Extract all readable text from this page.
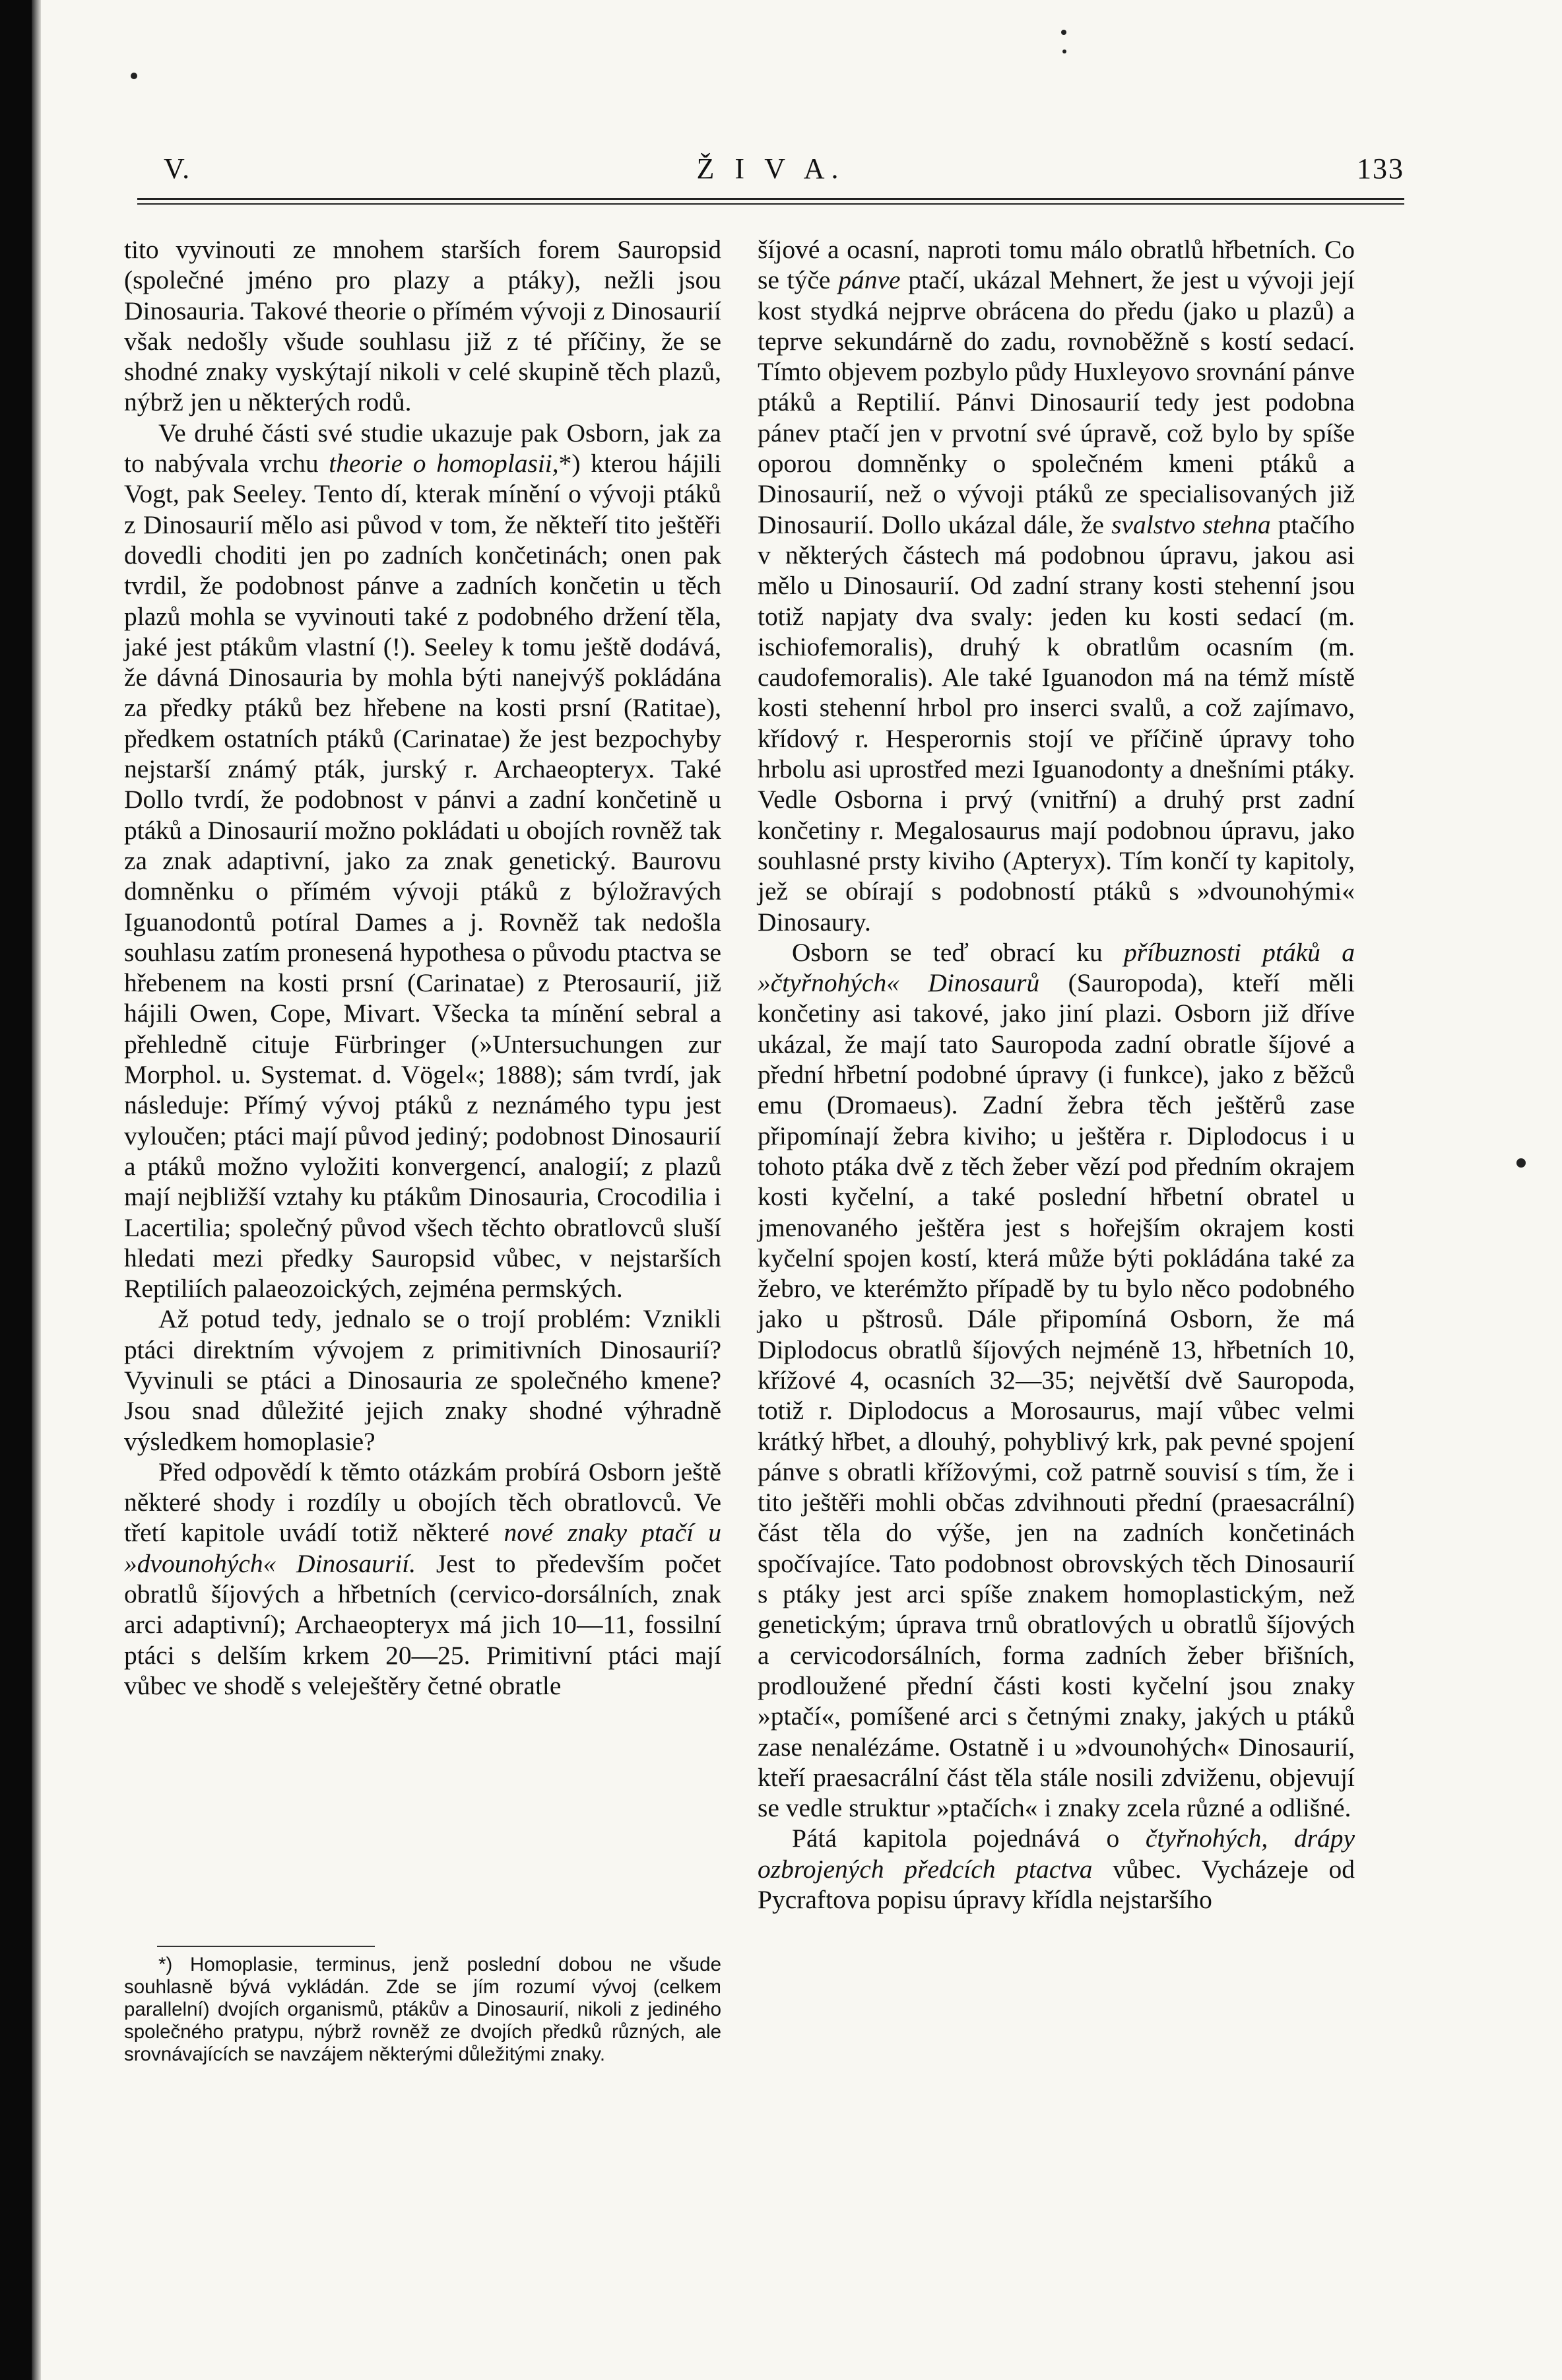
V.	Ž I V A.	133

tito vyvinouti ze mnohem starších forem Sauropsid (společné jméno pro plazy a ptáky), nežli jsou Dinosauria. Takové theorie o přímém vývoji z Dinosaurií však nedošly všude souhlasu již z té příčiny, že se shodné znaky vyskýtají nikoli v celé skupině těch plazů, nýbrž jen u některých rodů.

Ve druhé části své studie ukazuje pak Osborn, jak za to nabývala vrchu theorie o homoplasii,*) kterou hájili Vogt, pak Seeley. Tento dí, kterak mínění o vývoji ptáků z Dinosaurií mělo asi původ v tom, že někteří tito ještěři dovedli choditi jen po zadních končetinách; onen pak tvrdil, že podobnost pánve a zadních končetin u těch plazů mohla se vyvinouti také z podobného držení těla, jaké jest ptákům vlastní (!). Seeley k tomu ještě dodává, že dávná Dinosauria by mohla býti nanejvýš pokládána za předky ptáků bez hřebene na kosti prsní (Ratitae), předkem ostatních ptáků (Carinatae) že jest bezpochyby nejstarší známý pták, jurský r. Archaeopteryx. Také Dollo tvrdí, že podobnost v pánvi a zadní končetině u ptáků a Dinosaurií možno pokládati u obojích rovněž tak za znak adaptivní, jako za znak genetický. Baurovu domněnku o přímém vývoji ptáků z býložravých Iguanodontů potíral Dames a j. Rovněž tak nedošla souhlasu zatím pronesená hypothesa o původu ptactva se hřebenem na kosti prsní (Carinatae) z Pterosaurií, již hájili Owen, Cope, Mivart. Všecka ta mínění sebral a přehledně cituje Fürbringer (»Untersuchungen zur Morphol. u. Systemat. d. Vögel«; 1888); sám tvrdí, jak následuje: Přímý vývoj ptáků z neznámého typu jest vyloučen; ptáci mají původ jediný; podobnost Dinosaurií a ptáků možno vyložiti konvergencí, analogií; z plazů mají nejbližší vztahy ku ptákům Dinosauria, Crocodilia i Lacertilia; společný původ všech těchto obratlovců sluší hledati mezi předky Sauropsid vůbec, v nejstarších Reptiliích palaeozoických, zejména permských.

Až potud tedy, jednalo se o trojí problém: Vznikli ptáci direktním vývojem z primitivních Dinosaurií? Vyvinuli se ptáci a Dinosauria ze společného kmene? Jsou snad důležité jejich znaky shodné výhradně výsledkem homoplasie?

Před odpovědí k těmto otázkám probírá Osborn ještě některé shody i rozdíly u obojích těch obratlovců. Ve třetí kapitole uvádí totiž některé nové znaky ptačí u »dvounohých« Dinosaurií. Jest to především počet obratlů šíjových a hřbetních (cervico-dorsálních, znak arci adaptivní); Archaeopteryx má jich 10—11, fossilní ptáci s delším krkem 20—25. Primitivní ptáci mají vůbec ve shodě s veleještěry četné obratle

*) Homoplasie, terminus, jenž poslední dobou ne všude souhlasně bývá vykládán. Zde se jím rozumí vývoj (celkem parallelní) dvojích organismů, ptákův a Dinosaurií, nikoli z jediného společného pratypu, nýbrž rovněž ze dvojích předků různých, ale srovnávajících se navzájem některými důležitými znaky.

šíjové a ocasní, naproti tomu málo obratlů hřbetních. Co se týče pánve ptačí, ukázal Mehnert, že jest u vývoji její kost stydká nejprve obrácena do předu (jako u plazů) a teprve sekundárně do zadu, rovnoběžně s kostí sedací. Tímto objevem pozbylo půdy Huxleyovo srovnání pánve ptáků a Reptilií. Pánvi Dinosaurií tedy jest podobna pánev ptačí jen v prvotní své úpravě, což bylo by spíše oporou domněnky o společném kmeni ptáků a Dinosaurií, než o vývoji ptáků ze specialisovaných již Dinosaurií. Dollo ukázal dále, že svalstvo stehna ptačího v některých částech má podobnou úpravu, jakou asi mělo u Dinosaurií. Od zadní strany kosti stehenní jsou totiž napjaty dva svaly: jeden ku kosti sedací (m. ischiofemoralis), druhý k obratlům ocasním (m. caudofemoralis). Ale také Iguanodon má na témž místě kosti stehenní hrbol pro inserci svalů, a což zajímavo, křídový r. Hesperornis stojí ve příčině úpravy toho hrbolu asi uprostřed mezi Iguanodonty a dnešními ptáky. Vedle Osborna i prvý (vnitřní) a druhý prst zadní končetiny r. Megalosaurus mají podobnou úpravu, jako souhlasné prsty kiviho (Apteryx). Tím končí ty kapitoly, jež se obírají s podobností ptáků s »dvounohými« Dinosaury.

Osborn se teď obrací ku příbuznosti ptáků a »čtyřnohých« Dinosaurů (Sauropoda), kteří měli končetiny asi takové, jako jiní plazi. Osborn již dříve ukázal, že mají tato Sauropoda zadní obratle šíjové a přední hřbetní podobné úpravy (i funkce), jako z běžců emu (Dromaeus). Zadní žebra těch ještěrů zase připomínají žebra kiviho; u ještěra r. Diplodocus i u tohoto ptáka dvě z těch žeber vězí pod předním okrajem kosti kyčelní, a také poslední hřbetní obratel u jmenovaného ještěra jest s hořejším okrajem kosti kyčelní spojen kostí, která může býti pokládána také za žebro, ve kterémžto případě by tu bylo něco podobného jako u pštrosů. Dále připomíná Osborn, že má Diplodocus obratlů šíjových nejméně 13, hřbetních 10, křížové 4, ocasních 32—35; největší dvě Sauropoda, totiž r. Diplodocus a Morosaurus, mají vůbec velmi krátký hřbet, a dlouhý, pohyblivý krk, pak pevné spojení pánve s obratli křížovými, což patrně souvisí s tím, že i tito ještěři mohli občas zdvihnouti přední (praesacrální) část těla do výše, jen na zadních končetinách spočívajíce. Tato podobnost obrovských těch Dinosaurií s ptáky jest arci spíše znakem homoplastickým, než genetickým; úprava trnů obratlových u obratlů šíjových a cervicodorsálních, forma zadních žeber břišních, prodloužené přední části kosti kyčelní jsou znaky »ptačí«, pomíšené arci s četnými znaky, jakých u ptáků zase nenalézáme. Ostatně i u »dvounohých« Dinosaurií, kteří praesacrální část těla stále nosili zdviženu, objevují se vedle struktur »ptačích« i znaky zcela různé a odlišné.

Pátá kapitola pojednává o čtyřnohých, drápy ozbrojených předcích ptactva vůbec. Vycházeje od Pycraftova popisu úpravy křídla nejstaršího
